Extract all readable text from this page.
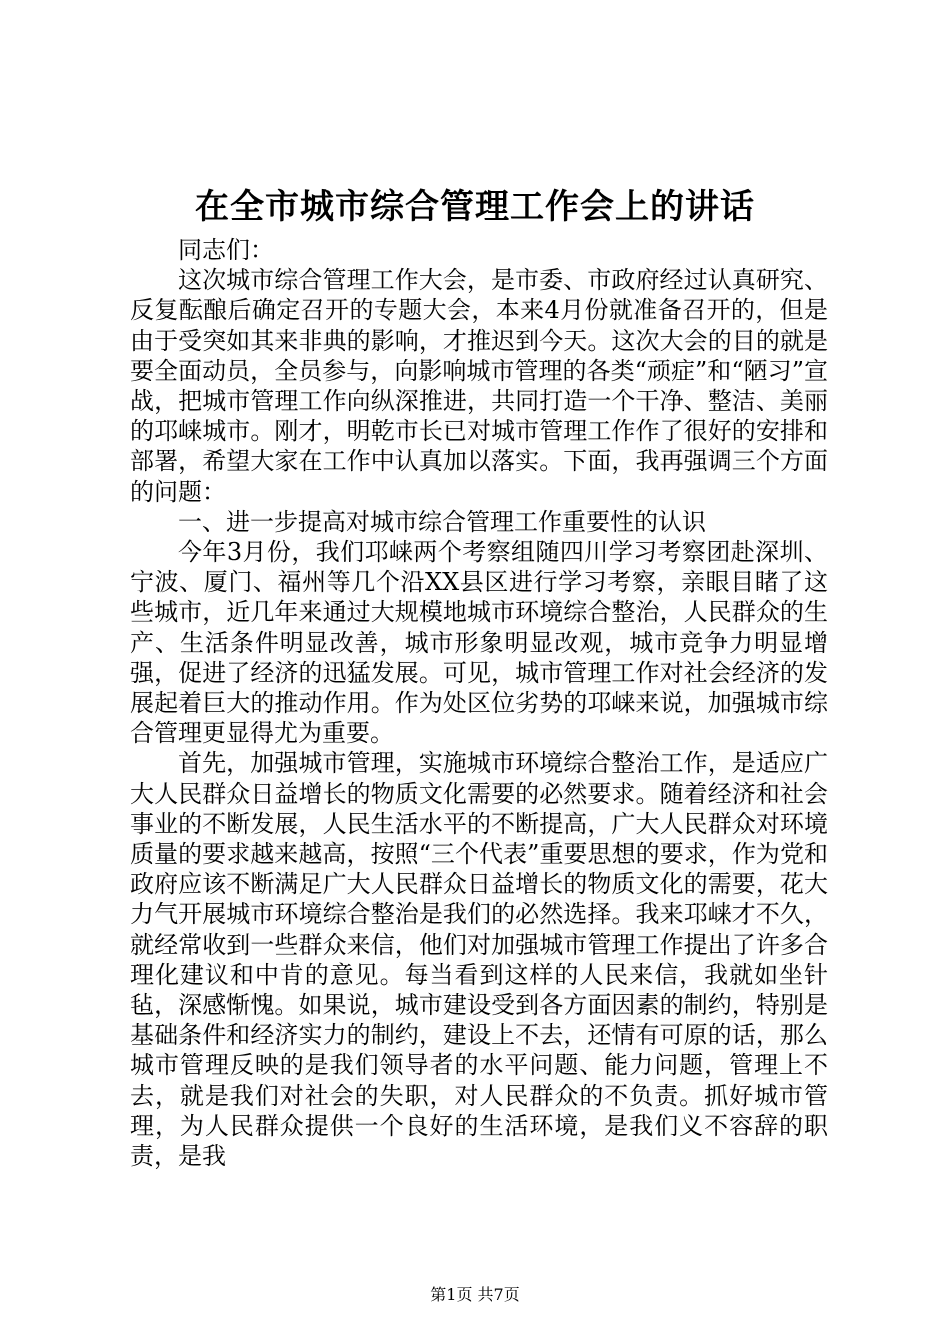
在全市城市综合管理工作会上的讲话

同志们：

这次城市综合管理工作大会，是市委、市政府经过认真研究、反复酝酿后确定召开的专题大会，本来4月份就准备召开的，但是由于受突如其来非典的影响，才推迟到今天。这次大会的目的就是要全面动员，全员参与，向影响城市管理的各类“顽症”和“陋习”宣战，把城市管理工作向纵深推进，共同打造一个干净、整洁、美丽的邛崃城市。刚才，明乾市长已对城市管理工作作了很好的安排和部署，希望大家在工作中认真加以落实。下面，我再强调三个方面的问题：

一、进一步提高对城市综合管理工作重要性的认识

今年3月份，我们邛崃两个考察组随四川学习考察团赴深圳、宁波、厦门、福州等几个沿XX县区进行学习考察，亲眼目睹了这些城市，近几年来通过大规模地城市环境综合整治，人民群众的生产、生活条件明显改善，城市形象明显改观，城市竞争力明显增强，促进了经济的迅猛发展。可见，城市管理工作对社会经济的发展起着巨大的推动作用。作为处区位劣势的邛崃来说，加强城市综合管理更显得尤为重要。

首先，加强城市管理，实施城市环境综合整治工作，是适应广大人民群众日益增长的物质文化需要的必然要求。随着经济和社会事业的不断发展，人民生活水平的不断提高，广大人民群众对环境质量的要求越来越高，按照“三个代表”重要思想的要求，作为党和政府应该不断满足广大人民群众日益增长的物质文化的需要，花大力气开展城市环境综合整治是我们的必然选择。我来邛崃才不久，就经常收到一些群众来信，他们对加强城市管理工作提出了许多合理化建议和中肯的意见。每当看到这样的人民来信，我就如坐针毡，深感惭愧。如果说，城市建设受到各方面因素的制约，特别是基础条件和经济实力的制约，建设上不去，还情有可原的话，那么城市管理反映的是我们领导者的水平问题、能力问题，管理上不去，就是我们对社会的失职，对人民群众的不负责。抓好城市管理，为人民群众提供一个良好的生活环境，是我们义不容辞的职责，是我

第1页 共7页
